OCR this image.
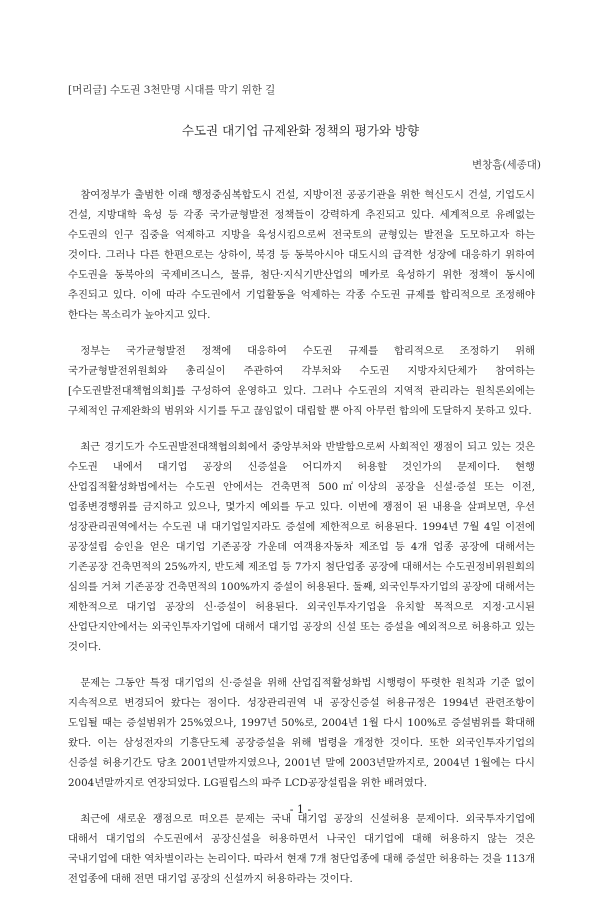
[머리글] 수도권 3천만명 시대를 막기 위한 길
수도권 대기업 규제완화 정책의 평가와 방향
변창흠(세종대)

참여정부가 출범한 이래 행정중심복합도시 건설, 지방이전 공공기관을 위한 혁신도시 건설, 기업도시 건설, 지방대학 육성 등 각종 국가균형발전 정책들이 강력하게 추진되고 있다. 세계적으로 유례없는 수도권의 인구 집중을 억제하고 지방을 육성시킴으로써 전국토의 균형있는 발전을 도모하고자 하는 것이다. 그러나 다른 한편으로는 상하이, 북경 등 동북아시아 대도시의 급격한 성장에 대응하기 위하여 수도권을 동북아의 국제비즈니스, 물류, 첨단·지식기반산업의 메카로 육성하기 위한 정책이 동시에 추진되고 있다. 이에 따라 수도권에서 기업활동을 억제하는 각종 수도권 규제를 합리적으로 조정해야 한다는 목소리가 높아지고 있다.

정부는 국가균형발전 정책에 대응하여 수도권 규제를 합리적으로 조정하기 위해 국가균형발전위원회와 총리실이 주관하여 각부처와 수도권 지방자치단체가 참여하는 [수도권발전대책협의회]를 구성하여 운영하고 있다. 그러나 수도권의 지역적 관리라는 원칙론외에는 구체적인 규제완화의 범위와 시기를 두고 끊임없이 대립할 뿐 아직 아무런 합의에 도달하지 못하고 있다.

최근 경기도가 수도권발전대책협의회에서 중앙부처와 반발함으로써 사회적인 쟁점이 되고 있는 것은 수도권 내에서 대기업 공장의 신증설을 어디까지 허용할 것인가의 문제이다. 현행 산업집적활성화법에서는 수도권 안에서는 건축면적 500㎡이상의 공장을 신설·증설 또는 이전, 업종변경행위를 금지하고 있으나, 몇가지 예외를 두고 있다. 이번에 쟁점이 된 내용을 살펴보면, 우선 성장관리권역에서는 수도권 내 대기업일지라도 증설에 제한적으로 허용된다. 1994년 7월 4일 이전에 공장설립 승인을 얻은 대기업 기존공장 가운데 여객용자동차 제조업 등 4개 업종 공장에 대해서는 기존공장 건축면적의 25%까지, 반도체 제조업 등 7가지 첨단업종 공장에 대해서는 수도권정비위원회의 심의를 거쳐 기존공장 건축면적의 100%까지 증설이 허용된다. 둘째, 외국인투자기업의 공장에 대해서는 제한적으로 대기업 공장의 신·증설이 허용된다. 외국인투자기업을 유치할 목적으로 지정·고시된 산업단지안에서는 외국인투자기업에 대해서 대기업 공장의 신설 또는 증설을 예외적으로 허용하고 있는 것이다.

문제는 그동안 특정 대기업의 신·증설을 위해 산업집적활성화법 시행령이 뚜렷한 원칙과 기준 없이 지속적으로 변경되어 왔다는 점이다. 성장관리권역 내 공장신증설 허용규정은 1994년 관련조항이 도입될 때는 증설범위가 25%였으나, 1997년 50%로, 2004년 1월 다시 100%로 증설범위를 확대해 왔다. 이는 삼성전자의 기흥단도체 공장증설을 위해 법령을 개정한 것이다. 또한 외국인투자기업의 신증설 허용기간도 당초 2001년말까지였으나, 2001년 말에 2003년말까지로, 2004년 1월에는 다시 2004년말까지로 연장되었다. LG필립스의 파주 LCD공장설립을 위한 배려였다.

최근에 새로운 쟁점으로 떠오른 문제는 국내 대기업 공장의 신설허용 문제이다. 외국투자기업에 대해서 대기업의 수도권에서 공장신설을 허용하면서 나국인 대기업에 대해 허용하지 않는 것은 국내기업에 대한 역차별이라는 논리이다. 따라서 현재 7개 첨단업종에 대해 증설만 허용하는 것을 113개 전업종에 대해 전면 대기업 공장의 신설까지 허용하라는 것이다.

- 1 -
